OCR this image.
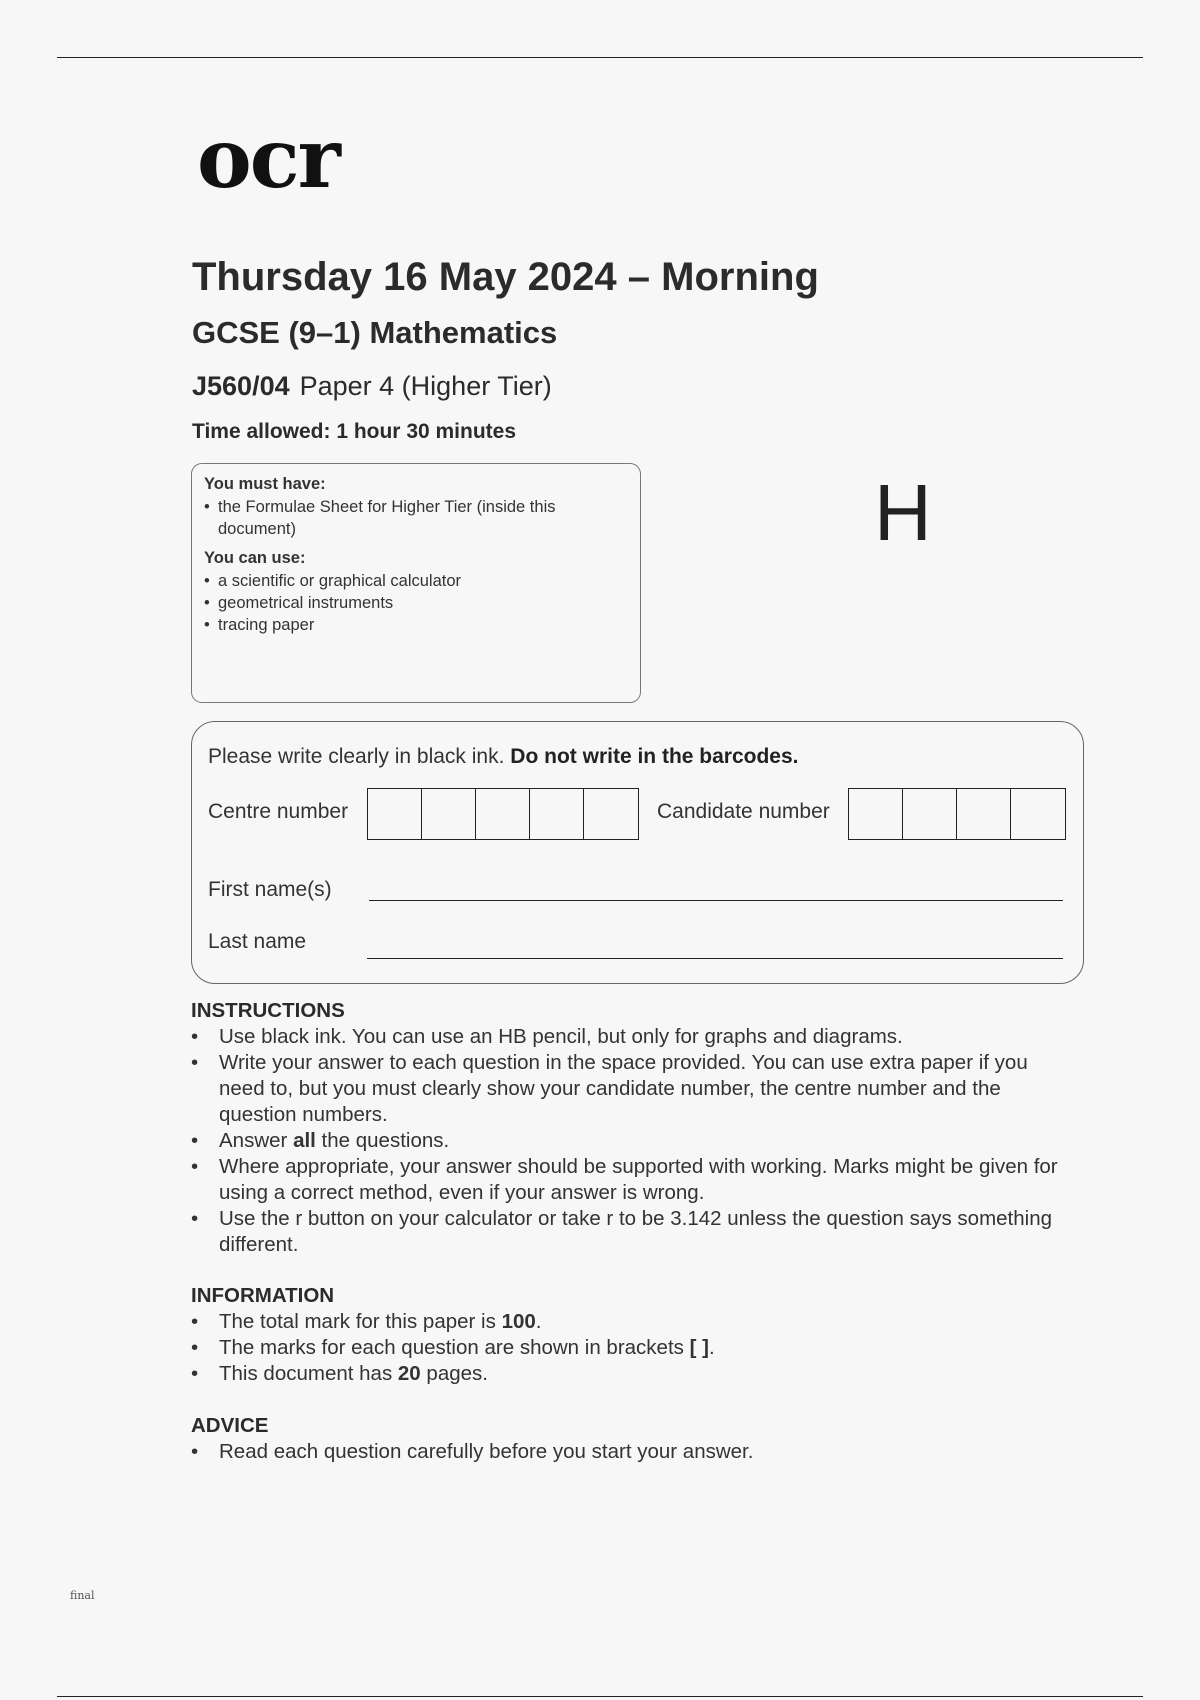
ocr
Thursday 16 May 2024 – Morning
GCSE (9–1) Mathematics
J560/04 Paper 4 (Higher Tier)
Time allowed: 1 hour 30 minutes
You must have:
• the Formulae Sheet for Higher Tier (inside this document)
You can use:
• a scientific or graphical calculator
• geometrical instruments
• tracing paper
H
Please write clearly in black ink. Do not write in the barcodes.
Centre number	Candidate number
First name(s)
Last name
INSTRUCTIONS
• Use black ink. You can use an HB pencil, but only for graphs and diagrams.
• Write your answer to each question in the space provided. You can use extra paper if you need to, but you must clearly show your candidate number, the centre number and the question numbers.
• Answer all the questions.
• Where appropriate, your answer should be supported with working. Marks might be given for using a correct method, even if your answer is wrong.
• Use the r button on your calculator or take r to be 3.142 unless the question says something different.
INFORMATION
• The total mark for this paper is 100.
• The marks for each question are shown in brackets [ ].
• This document has 20 pages.
ADVICE
• Read each question carefully before you start your answer.
final
